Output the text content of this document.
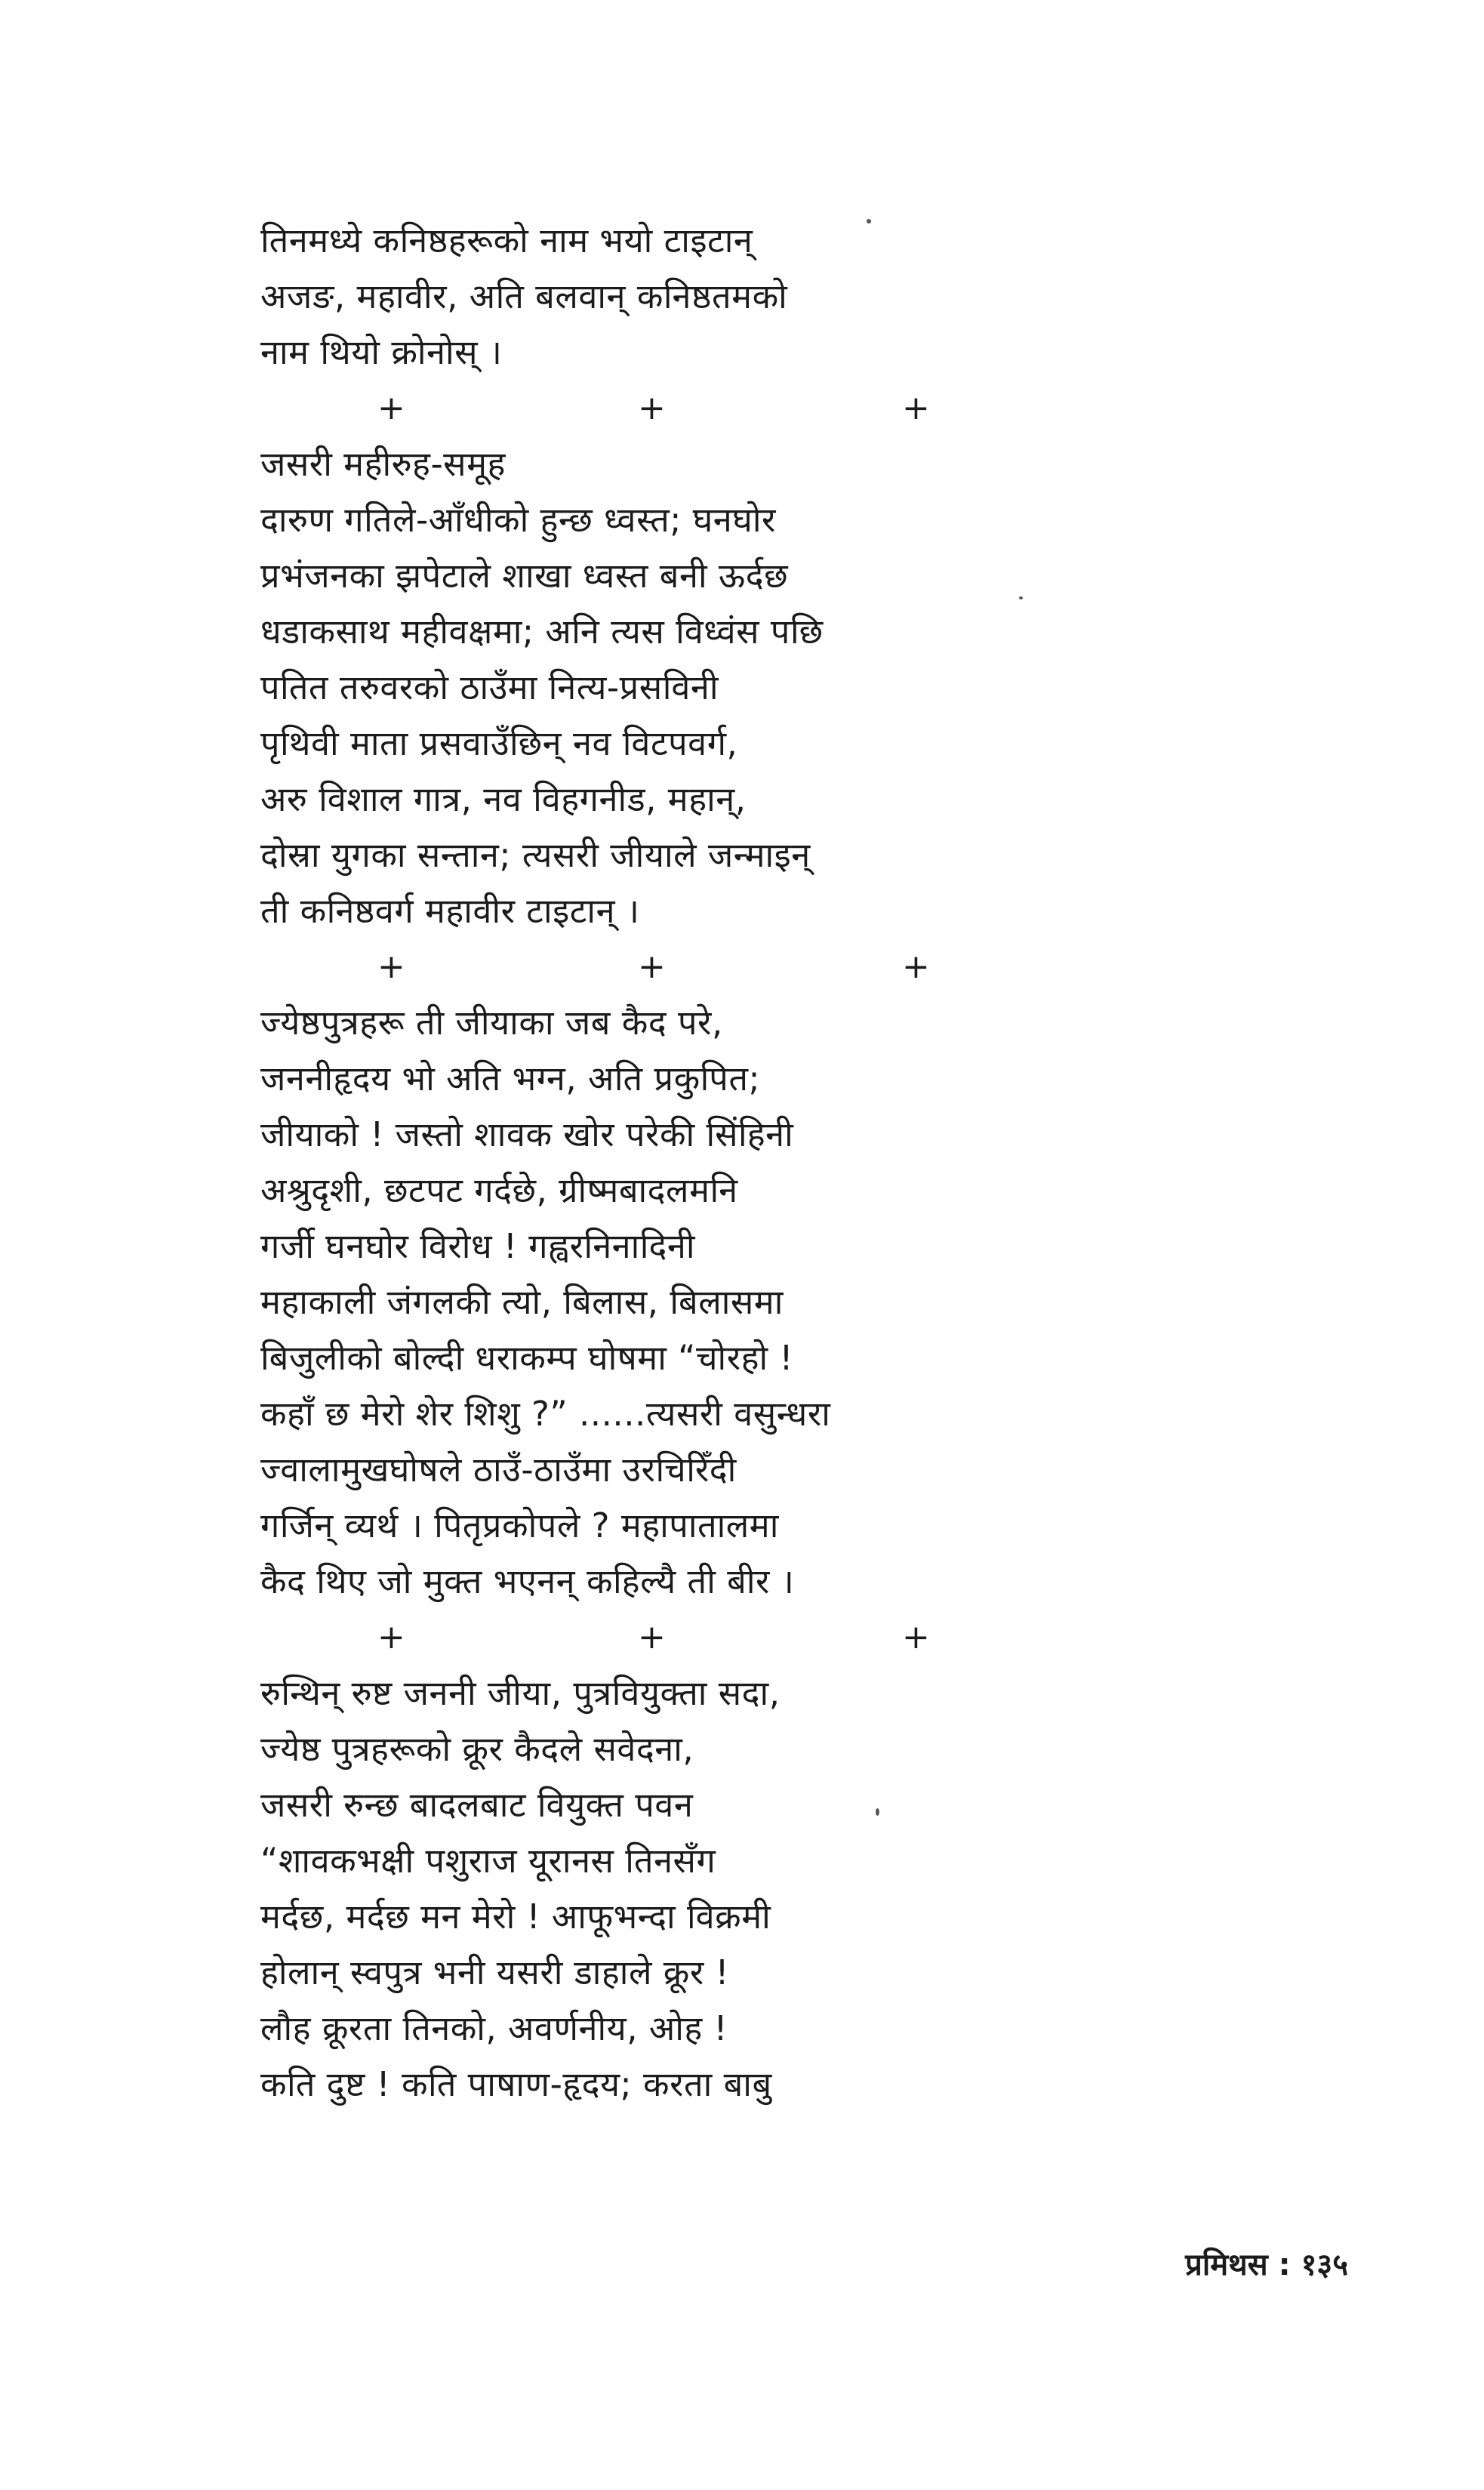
तिनमध्ये कनिष्ठहरूको नाम भयो टाइटान्
अजङ, महावीर, अति बलवान् कनिष्ठतमको
नाम थियो क्रोनोस् ।
+	+	+
जसरी महीरुह-समूह
दारुण गतिले-आँधीको हुन्छ ध्वस्त; घनघोर
प्रभंजनका झपेटाले शाखा ध्वस्त बनी ऊर्दछ
धडाकसाथ महीवक्षमा; अनि त्यस विध्वंस पछि
पतित तरुवरको ठाउँमा नित्य-प्रसविनी
पृथिवी माता प्रसवाउँछिन् नव विटपवर्ग,
अरु विशाल गात्र, नव विहगनीड, महान्,
दोस्रा युगका सन्तान; त्यसरी जीयाले जन्माइन्
ती कनिष्ठवर्ग महावीर टाइटान् ।
+	+	+
ज्येष्ठपुत्रहरू ती जीयाका जब कैद परे,
जननीहृदय भो अति भग्न, अति प्रकुपित;
जीयाको ! जस्तो शावक खोर परेकी सिंहिनी
अश्रुदृशी, छटपट गर्दछे, ग्रीष्मबादलमनि
गर्जी घनघोर विरोध ! गह्वरनिनादिनी
महाकाली जंगलकी त्यो, बिलास, बिलासमा
बिजुलीको बोल्दी धराकम्प घोषमा “चोरहो !
कहाँ छ मेरो शेर शिशु ?” ......त्यसरी वसुन्धरा
ज्वालामुखघोषले ठाउँ-ठाउँमा उरचिरिँदी
गर्जिन् व्यर्थ । पितृप्रकोपले ? महापातालमा
कैद थिए जो मुक्त भएनन् कहिल्यै ती बीर ।
+	+	+
रुन्थिन् रुष्ट जननी जीया, पुत्रवियुक्ता सदा,
ज्येष्ठ पुत्रहरूको क्रूर कैदले सवेदना,
जसरी रुन्छ बादलबाट वियुक्त पवन
“शावकभक्षी पशुराज यूरानस तिनसँग
मर्दछ, मर्दछ मन मेरो ! आफूभन्दा विक्रमी
होलान् स्वपुत्र भनी यसरी डाहाले क्रूर !
लौह क्रूरता तिनको, अवर्णनीय, ओह !
कति दुष्ट ! कति पाषाण-हृदय; करता बाबु
प्रमिथस : १३५
